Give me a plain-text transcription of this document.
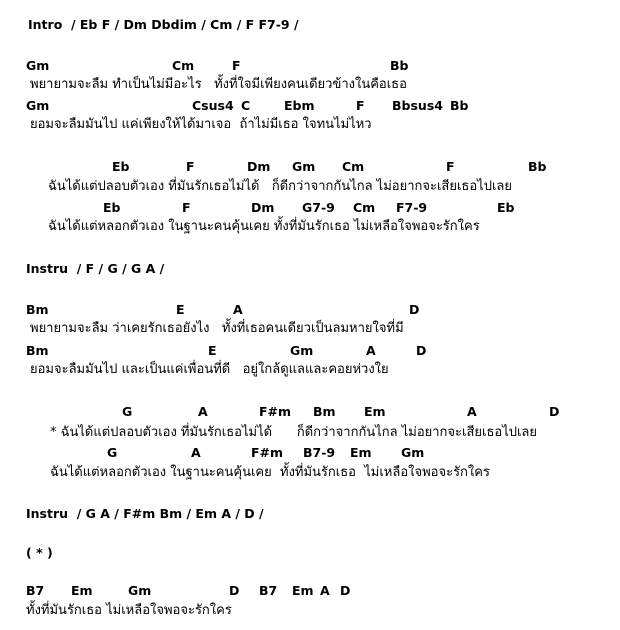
Intro  / Eb F / Dm Dbdim / Cm / F F7-9 /
Gm	Cm	F	Bb
พยายามจะลืม ทำเป็นไม่มีอะไร   ทั้งที่ใจมีเพียงคนเดียวข้างในคือเธอ
Gm	Csus4 C	Ebm	F Bbsus4 Bb
ยอมจะลืมมันไป แค่เพียงให้ได้มาเจอ  ถ้าไม่มีเธอ ใจทนไม่ไหว
Eb	F	Dm Gm Cm	F	Bb
ฉันได้แต่ปลอบตัวเอง ที่มันรักเธอไม่ได้   ก็ดีกว่าจากกันไกล ไม่อยากจะเสียเธอไปเลย
Eb	F	Dm G7-9 Cm F7-9	Eb
ฉันได้แต่หลอกตัวเอง ในฐานะคนคุ้นเคย ทั้งที่มันรักเธอ ไม่เหลือใจพอจะรักใคร
Instru  / F / G / G A /
Bm	E	A	D
พยายามจะลืม ว่าเคยรักเธอยังไง   ทั้งที่เธอคนเดียวเป็นลมหายใจที่มี
Bm	E	Gm	A	D
ยอมจะลืมมันไป และเป็นแค่เพื่อนที่ดี   อยู่ใกล้ดูแลและคอยห่วงใย
G	A	F#m Bm Em	A	D
* ฉันได้แต่ปลอบตัวเอง ที่มันรักเธอไม่ได้      ก็ดีกว่าจากกันไกล ไม่อยากจะเสียเธอไปเลย
G	A	F#m B7-9 Em Gm
ฉันได้แต่หลอกตัวเอง ในฐานะคนคุ้นเคย  ทั้งที่มันรักเธอ  ไม่เหลือใจพอจะรักใคร
Instru  / G A / F#m Bm / Em A / D /
( * )
B7 Em	Gm	D B7 Em A D
ทั้งที่มันรักเธอ ไม่เหลือใจพอจะรักใคร
